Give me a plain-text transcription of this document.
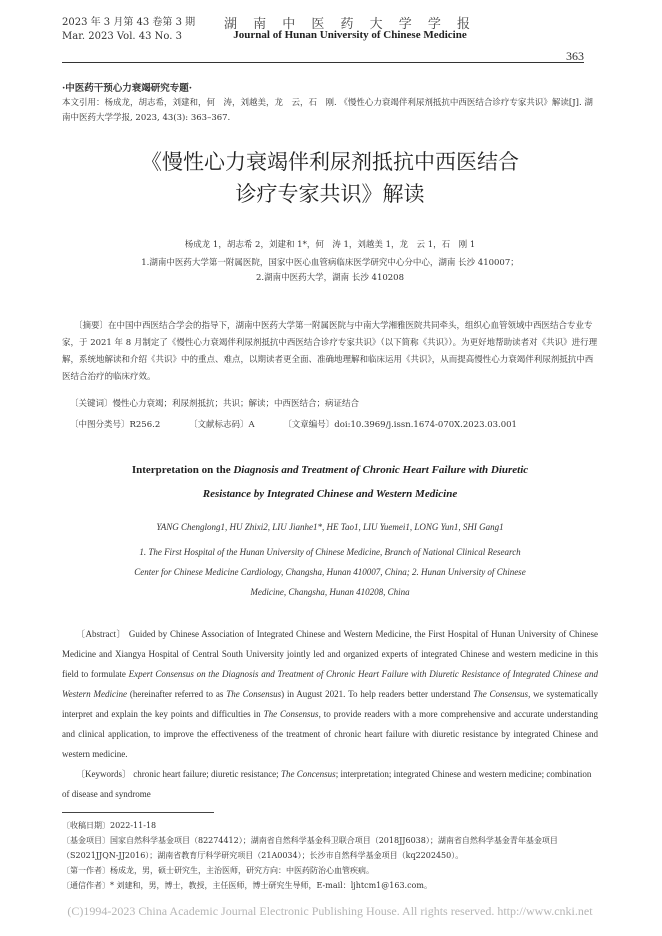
2023 年 3 月第 43 卷第 3 期
Mar. 2023 Vol. 43 No. 3
湖 南 中 医 药 大 学 学 报
Journal of Hunan University of Chinese Medicine
363
·中医药干预心力衰竭研究专题·
本文引用：杨成龙，胡志希，刘建和，何　涛，刘越美，龙　云，石　刚. 《慢性心力衰竭伴利尿剂抵抗中西医结合诊疗专家共识》解读[J]. 湖南中医药大学学报, 2023, 43(3): 363–367.
《慢性心力衰竭伴利尿剂抵抗中西医结合
诊疗专家共识》解读
杨成龙 1，胡志希 2，刘建和 1*，何　涛 1，刘越美 1，龙　云 1，石　刚 1
1.湖南中医药大学第一附属医院，国家中医心血管病临床医学研究中心分中心，湖南 长沙 410007；
2.湖南中医药大学，湖南 长沙 410208
〔摘要〕在中国中西医结合学会的指导下，湖南中医药大学第一附属医院与中南大学湘雅医院共同牵头，组织心血管领域中西医结合专业专家，于 2021 年 8 月制定了《慢性心力衰竭伴利尿剂抵抗中西医结合诊疗专家共识》（以下简称《共识》）。为更好地帮助读者对《共识》进行理解，系统地解读和介绍《共识》中的重点、难点，以期读者更全面、准确地理解和临床运用《共识》，从而提高慢性心力衰竭伴利尿剂抵抗中西医结合治疗的临床疗效。
〔关键词〕慢性心力衰竭；利尿剂抵抗；共识；解读；中西医结合；病证结合
〔中图分类号〕R256.2	〔文献标志码〕A	〔文章编号〕doi:10.3969/j.issn.1674-070X.2023.03.001
Interpretation on the Diagnosis and Treatment of Chronic Heart Failure with Diuretic
Resistance by Integrated Chinese and Western Medicine
YANG Chenglong1, HU Zhixi2, LIU Jianhe1*, HE Tao1, LIU Yuemei1, LONG Yun1, SHI Gang1
1. The First Hospital of the Hunan University of Chinese Medicine, Branch of National Clinical Research
Center for Chinese Medicine Cardiology, Changsha, Hunan 410007, China; 2. Hunan University of Chinese
Medicine, Changsha, Hunan 410208, China
〔Abstract〕 Guided by Chinese Association of Integrated Chinese and Western Medicine, the First Hospital of Hunan University of Chinese Medicine and Xiangya Hospital of Central South University jointly led and organized experts of integrated Chinese and western medicine in this field to formulate Expert Consensus on the Diagnosis and Treatment of Chronic Heart Failure with Diuretic Resistance of Integrated Chinese and Western Medicine (hereinafter referred to as The Consensus) in August 2021. To help readers better understand The Consensus, we systematically interpret and explain the key points and difficulties in The Consensus, to provide readers with a more comprehensive and accurate understanding and clinical application, to improve the effectiveness of the treatment of chronic heart failure with diuretic resistance by integrated Chinese and western medicine.
〔Keywords〕 chronic heart failure; diuretic resistance; The Concensus; interpretation; integrated Chinese and western medicine; combination of disease and syndrome
〔收稿日期〕2022-11-18
〔基金项目〕国家自然科学基金项目（82274412）；湖南省自然科学基金科卫联合项目（2018JJ6038）；湖南省自然科学基金青年基金项目（S2021JJQN-JJ2016）；湖南省教育厅科学研究项目（21A0034）；长沙市自然科学基金项目（kq2202450）。
〔第一作者〕杨成龙，男，硕士研究生，主治医师，研究方向：中医药防治心血管疾病。
〔通信作者〕* 刘建和，男，博士，教授，主任医师，博士研究生导师，E-mail：ljhtcm1@163.com。
(C)1994-2023 China Academic Journal Electronic Publishing House. All rights reserved. http://www.cnki.net
